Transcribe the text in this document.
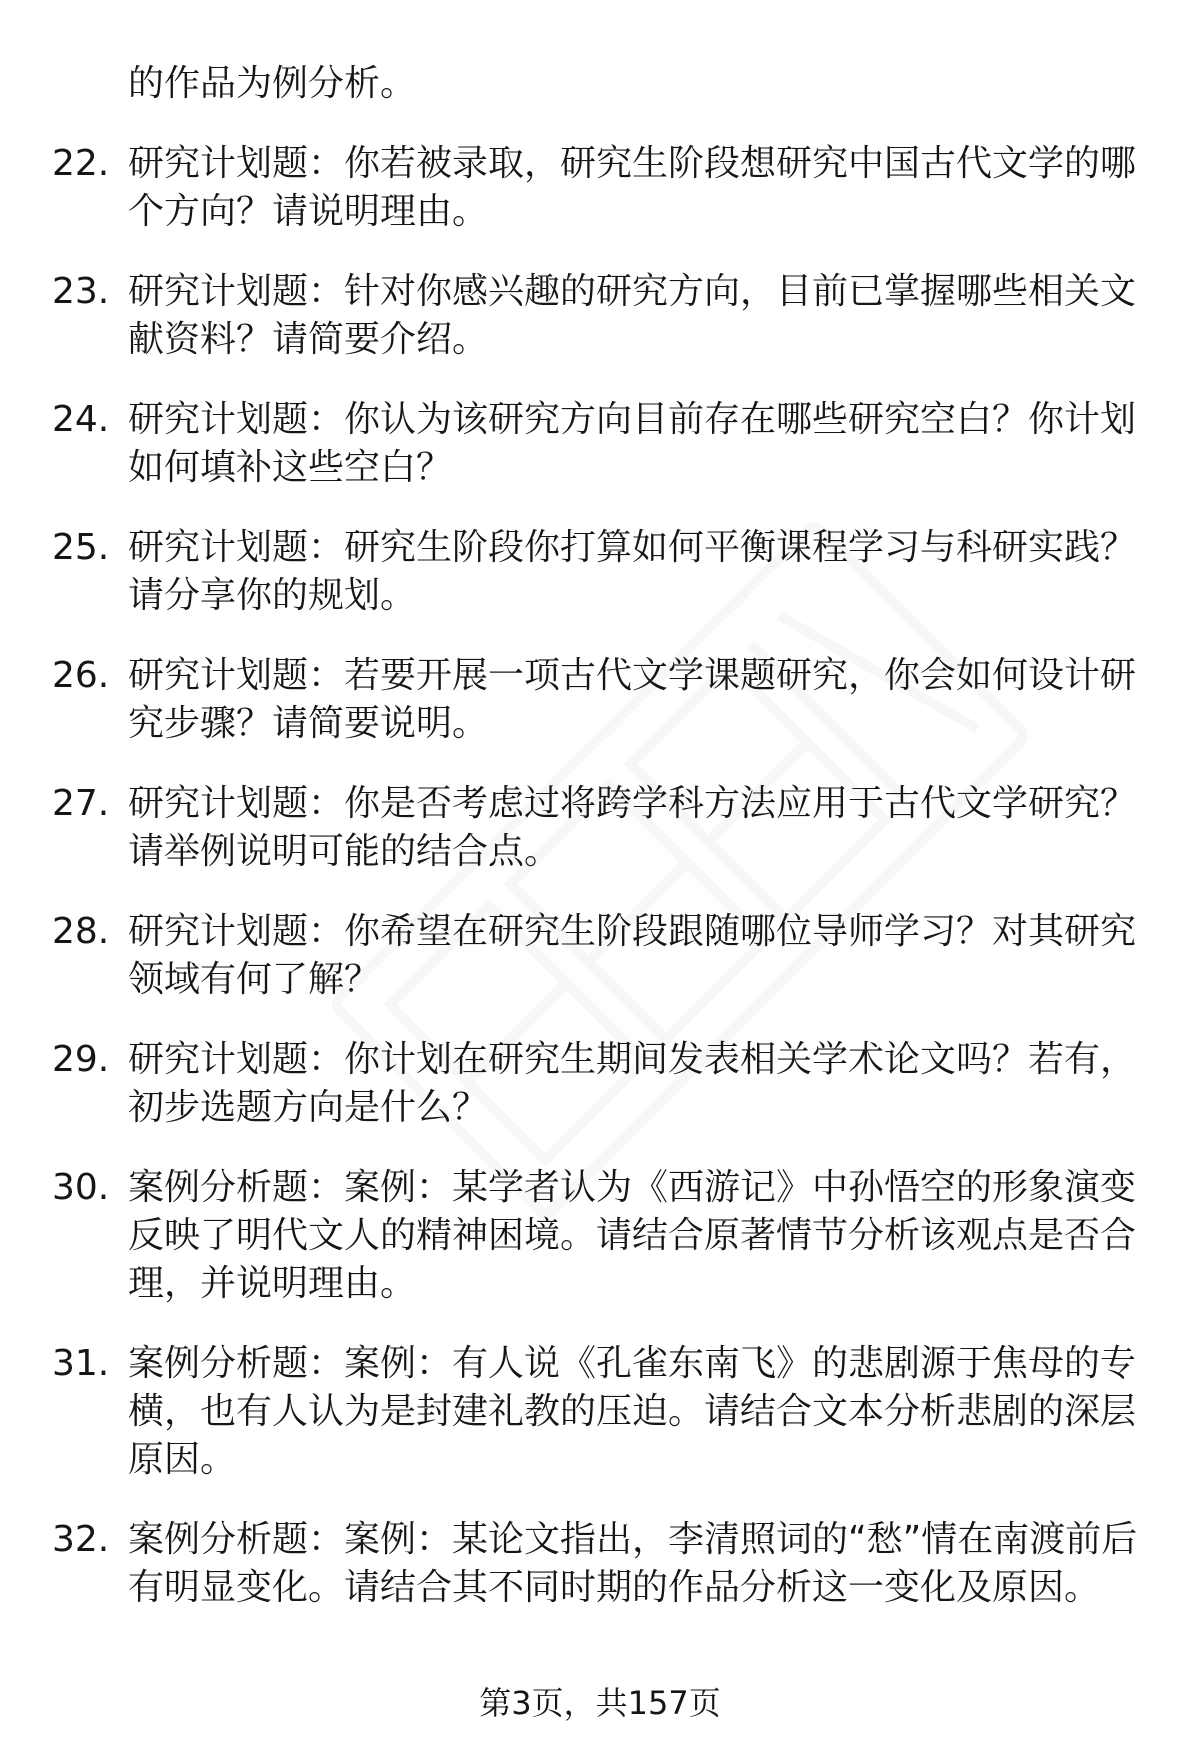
的作品为例分析。

22. 研究计划题：你若被录取，研究生阶段想研究中国古代文学的哪个方向？请说明理由。
23. 研究计划题：针对你感兴趣的研究方向，目前已掌握哪些相关文献资料？请简要介绍。
24. 研究计划题：你认为该研究方向目前存在哪些研究空白？你计划如何填补这些空白？
25. 研究计划题：研究生阶段你打算如何平衡课程学习与科研实践？请分享你的规划。
26. 研究计划题：若要开展一项古代文学课题研究，你会如何设计研究步骤？请简要说明。
27. 研究计划题：你是否考虑过将跨学科方法应用于古代文学研究？请举例说明可能的结合点。
28. 研究计划题：你希望在研究生阶段跟随哪位导师学习？对其研究领域有何了解？
29. 研究计划题：你计划在研究生期间发表相关学术论文吗？若有，初步选题方向是什么？
30. 案例分析题：案例：某学者认为《西游记》中孙悟空的形象演变反映了明代文人的精神困境。请结合原著情节分析该观点是否合理，并说明理由。
31. 案例分析题：案例：有人说《孔雀东南飞》的悲剧源于焦母的专横，也有人认为是封建礼教的压迫。请结合文本分析悲剧的深层原因。
32. 案例分析题：案例：某论文指出，李清照词的“愁”情在南渡前后有明显变化。请结合其不同时期的作品分析这一变化及原因。
第3页，共157页
